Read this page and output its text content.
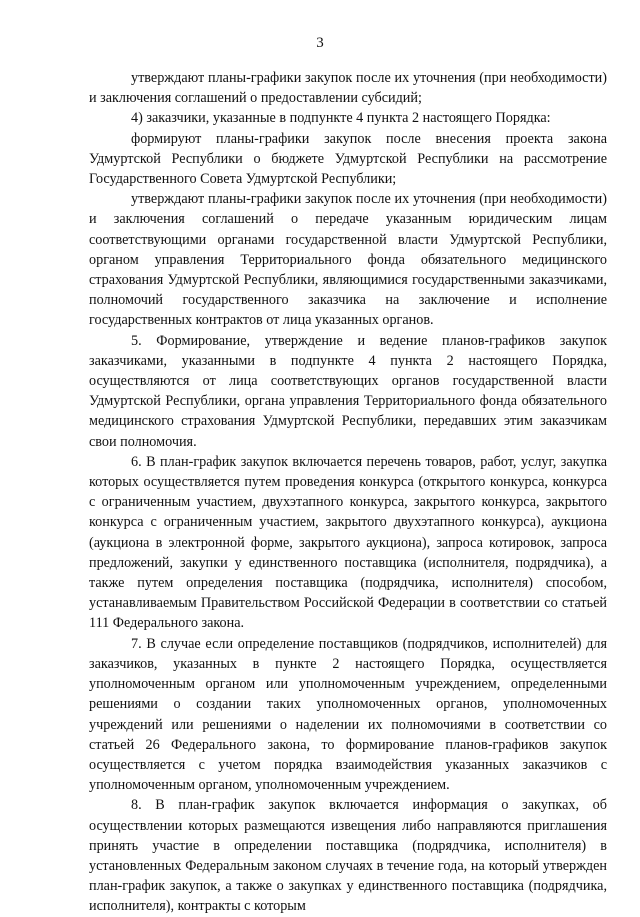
3

утверждают планы-графики закупок после их уточнения (при необходимости) и заключения соглашений о предоставлении субсидий;

4) заказчики, указанные в подпункте 4 пункта 2 настоящего Порядка:

формируют планы-графики закупок после внесения проекта закона Удмуртской Республики о бюджете Удмуртской Республики на рассмотрение Государственного Совета Удмуртской Республики;

утверждают планы-графики закупок после их уточнения (при необходимости) и заключения соглашений о передаче указанным юридическим лицам соответствующими органами государственной власти Удмуртской Республики, органом управления Территориального фонда обязательного медицинского страхования Удмуртской Республики, являющимися государственными заказчиками, полномочий государственного заказчика на заключение и исполнение государственных контрактов от лица указанных органов.

5. Формирование, утверждение и ведение планов-графиков закупок заказчиками, указанными в подпункте 4 пункта 2 настоящего Порядка, осуществляются от лица соответствующих органов государственной власти Удмуртской Республики, органа управления Территориального фонда обязательного медицинского страхования Удмуртской Республики, передавших этим заказчикам свои полномочия.

6. В план-график закупок включается перечень товаров, работ, услуг, закупка которых осуществляется путем проведения конкурса (открытого конкурса, конкурса с ограниченным участием, двухэтапного конкурса, закрытого конкурса, закрытого конкурса с ограниченным участием, закрытого двухэтапного конкурса), аукциона (аукциона в электронной форме, закрытого аукциона), запроса котировок, запроса предложений, закупки у единственного поставщика (исполнителя, подрядчика), а также путем определения поставщика (подрядчика, исполнителя) способом, устанавливаемым Правительством Российской Федерации в соответствии со статьей 111 Федерального закона.

7. В случае если определение поставщиков (подрядчиков, исполнителей) для заказчиков, указанных в пункте 2 настоящего Порядка, осуществляется уполномоченным органом или уполномоченным учреждением, определенными решениями о создании таких уполномоченных органов, уполномоченных учреждений или решениями о наделении их полномочиями в соответствии со статьей 26 Федерального закона, то формирование планов-графиков закупок осуществляется с учетом порядка взаимодействия указанных заказчиков с уполномоченным органом, уполномоченным учреждением.

8. В план-график закупок включается информация о закупках, об осуществлении которых размещаются извещения либо направляются приглашения принять участие в определении поставщика (подрядчика, исполнителя) в установленных Федеральным законом случаях в течение года, на который утвержден план-график закупок, а также о закупках у единственного поставщика (подрядчика, исполнителя), контракты с которым
